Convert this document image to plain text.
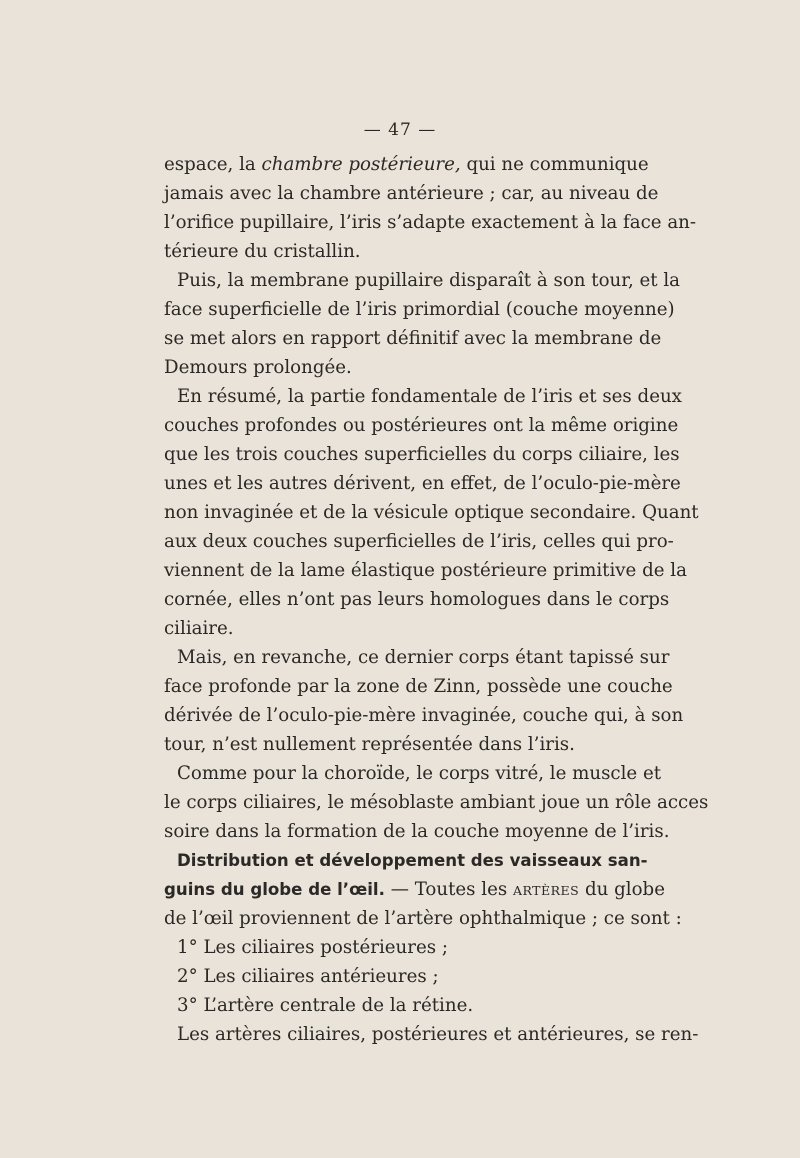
— 47 —
espace, la chambre postérieure, qui ne communique
jamais avec la chambre antérieure ; car, au niveau de
l’orifice pupillaire, l’iris s’adapte exactement à la face an-
térieure du cristallin.
Puis, la membrane pupillaire disparaît à son tour, et la
face superficielle de l’iris primordial (couche moyenne)
se met alors en rapport définitif avec la membrane de
Demours prolongée.
En résumé, la partie fondamentale de l’iris et ses deux
couches profondes ou postérieures ont la même origine
que les trois couches superficielles du corps ciliaire, les
unes et les autres dérivent, en effet, de l’oculo-pie-mère
non invaginée et de la vésicule optique secondaire. Quant
aux deux couches superficielles de l’iris, celles qui pro-
viennent de la lame élastique postérieure primitive de la
cornée, elles n’ont pas leurs homologues dans le corps
ciliaire.
Mais, en revanche, ce dernier corps étant tapissé sur
face profonde par la zone de Zinn, possède une couche
dérivée de l’oculo-pie-mère invaginée, couche qui, à son
tour, n’est nullement représentée dans l’iris.
Comme pour la choroïde, le corps vitré, le muscle et
le corps ciliaires, le mésoblaste ambiant joue un rôle acces
soire dans la formation de la couche moyenne de l’iris.
Distribution et développement des vaisseaux san-
guins du globe de l’œil. — Toutes les ARTÈRES du globe
de l’œil proviennent de l’artère ophthalmique ; ce sont :
1° Les ciliaires postérieures ;
2° Les ciliaires antérieures ;
3° L’artère centrale de la rétine.
Les artères ciliaires, postérieures et antérieures, se ren-
